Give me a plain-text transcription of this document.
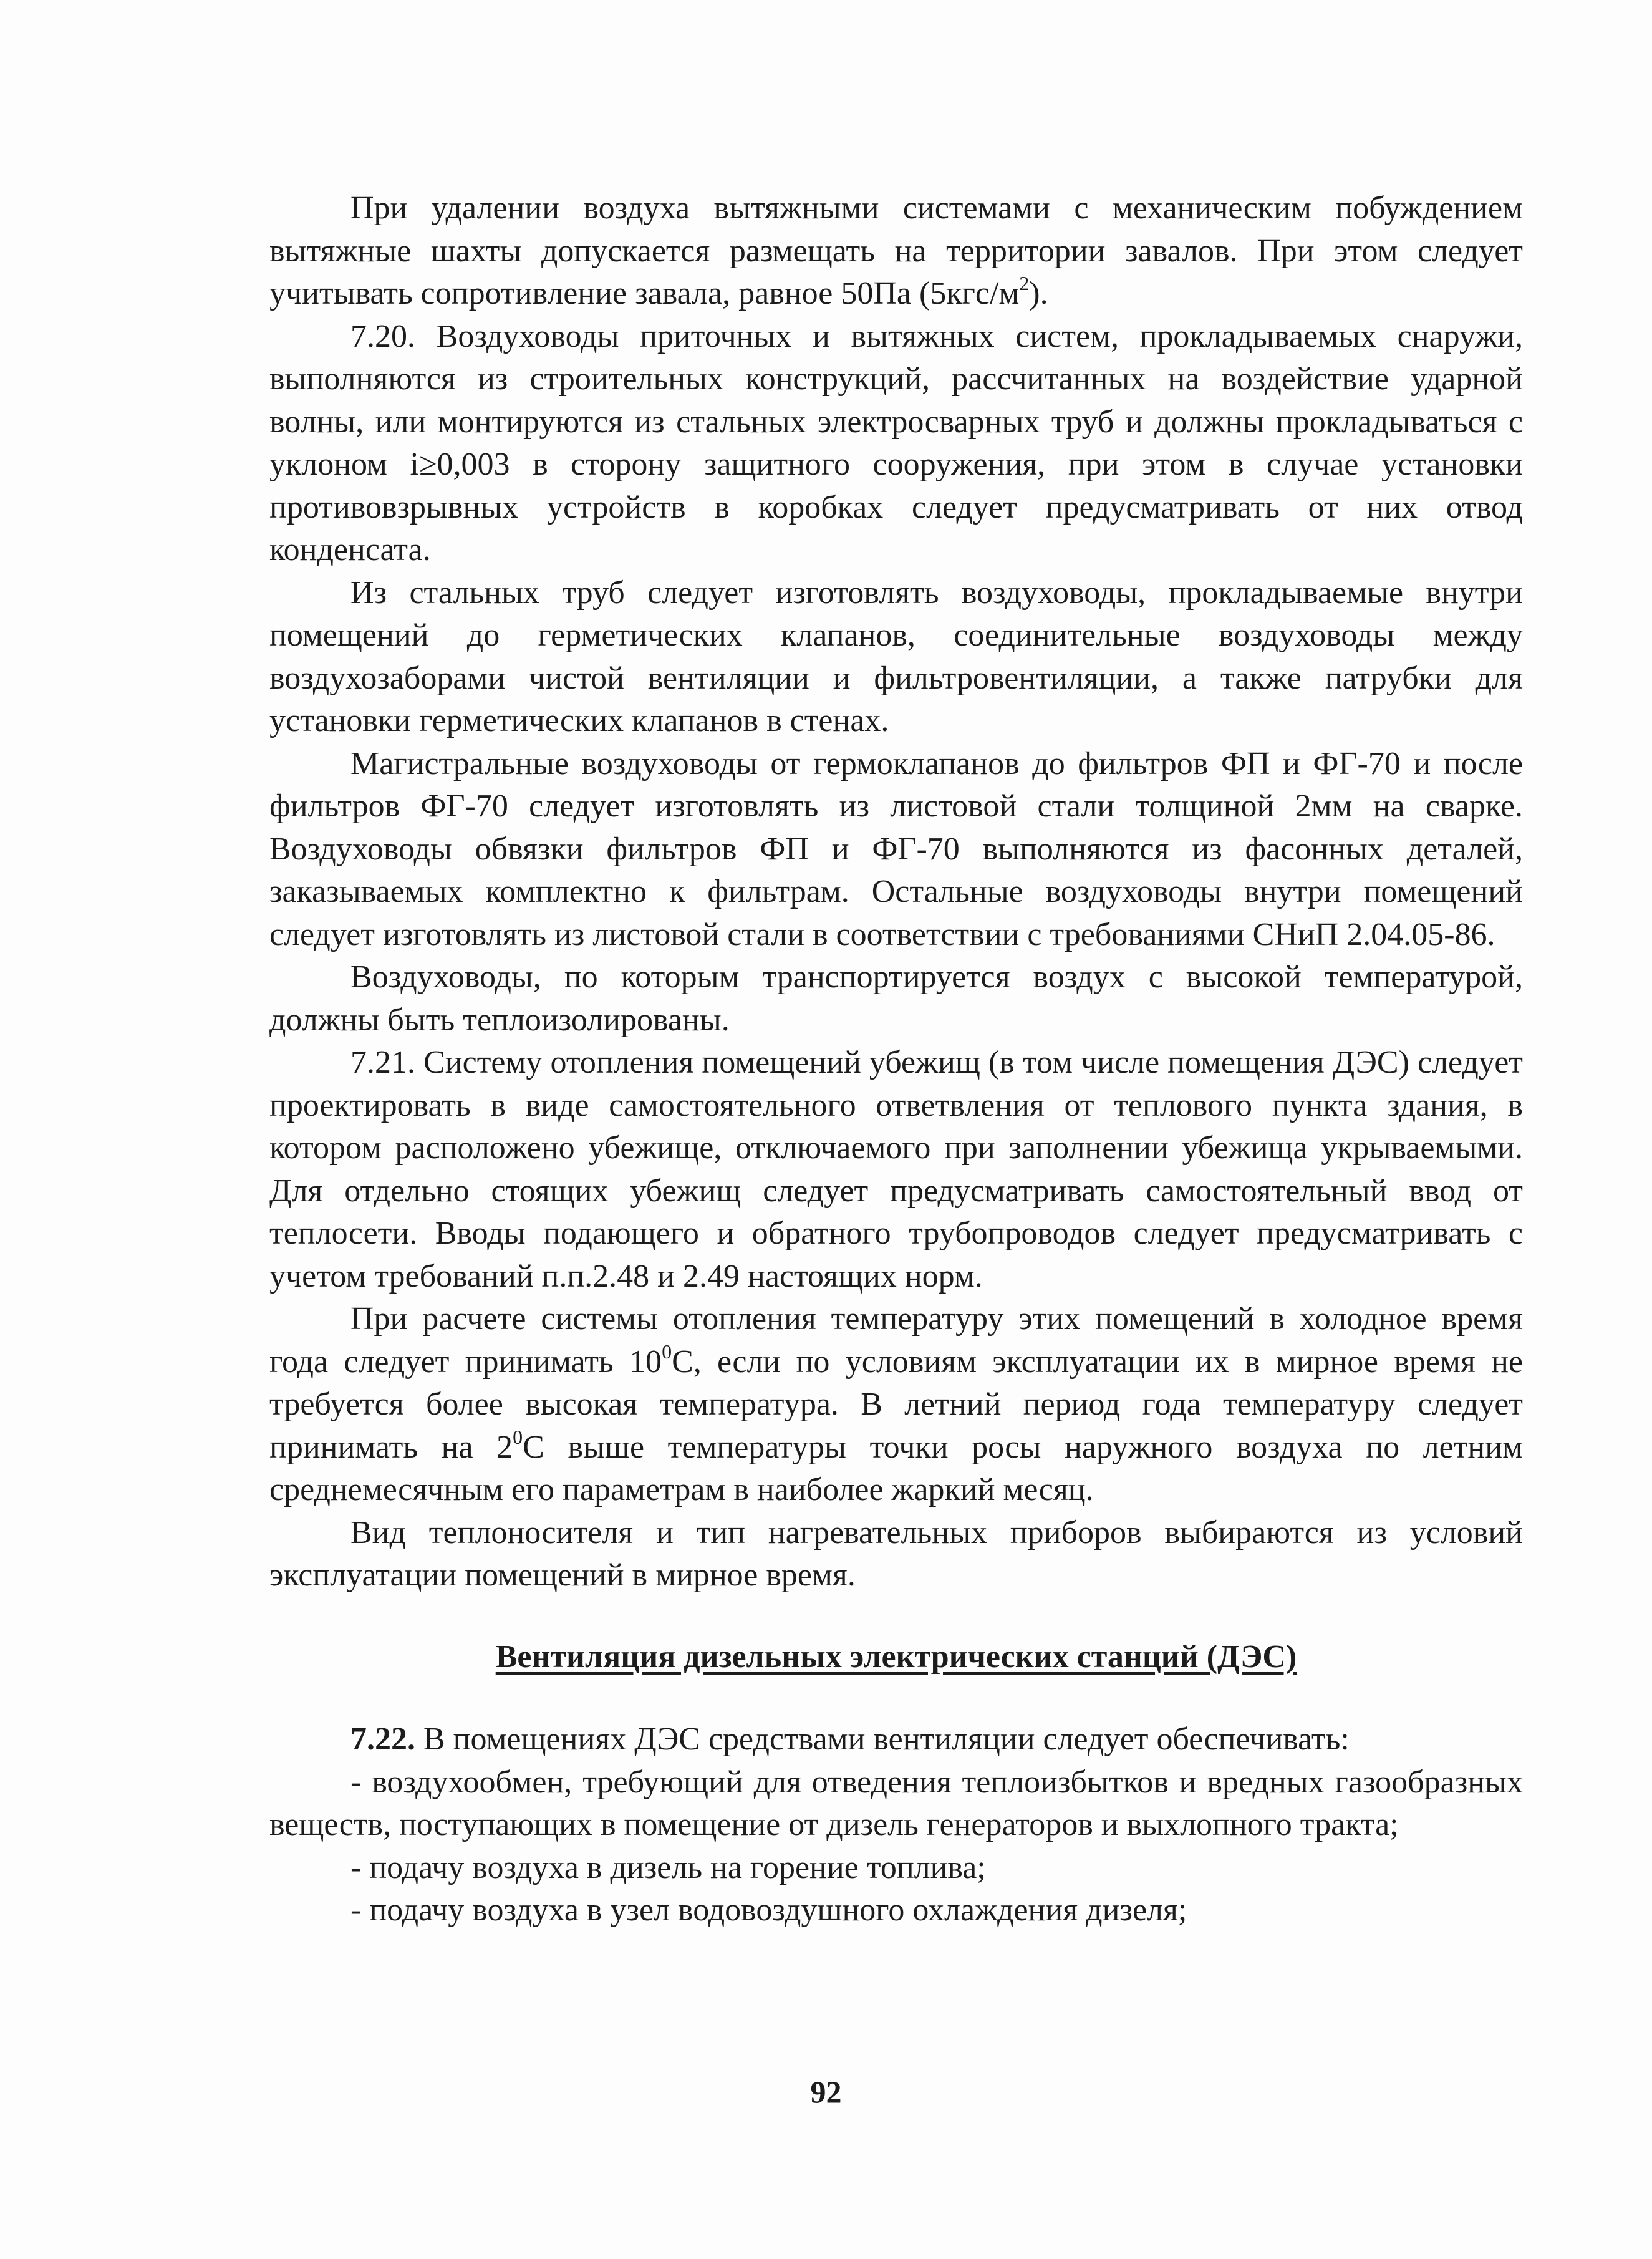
При удалении воздуха вытяжными системами с механическим побуждением вытяжные шахты допускается размещать на территории завалов. При этом следует учитывать сопротивление завала, равное 50Па $(5кгс/м^2)$.

7.20. Воздуховоды приточных и вытяжных систем, прокладываемых снаружи, выполняются из строительных конструкций, рассчитанных на воздействие ударной волны, или монтируются из стальных электросварных труб и должны прокладываться с уклоном i≥0,003 в сторону защитного сооружения, при этом в случае установки противовзрывных устройств в коробках следует предусматривать от них отвод конденсата.

Из стальных труб следует изготовлять воздуховоды, прокладываемые внутри помещений до герметических клапанов, соединительные воздуховоды между воздухозаборами чистой вентиляции и фильтровентиляции, а также патрубки для установки герметических клапанов в стенах.

Магистральные воздуховоды от гермоклапанов до фильтров ФП и ФГ-70 и после фильтров ФГ-70 следует изготовлять из листовой стали толщиной 2мм на сварке. Воздуховоды обвязки фильтров ФП и ФГ-70 выполняются из фасонных деталей, заказываемых комплектно к фильтрам. Остальные воздуховоды внутри помещений следует изготовлять из листовой стали в соответствии с требованиями СНиП 2.04.05-86.

Воздуховоды, по которым транспортируется воздух с высокой температурой, должны быть теплоизолированы.

7.21. Систему отопления помещений убежищ (в том числе помещения ДЭС) следует проектировать в виде самостоятельного ответвления от теплового пункта здания, в котором расположено убежище, отключаемого при заполнении убежища укрываемыми. Для отдельно стоящих убежищ следует предусматривать самостоятельный ввод от теплосети. Вводы подающего и обратного трубопроводов следует предусматривать с учетом требований п.п.2.48 и 2.49 настоящих норм.

При расчете системы отопления температуру этих помещений в холодное время года следует принимать $10^0С$, если по условиям эксплуатации их в мирное время не требуется более высокая температура. В летний период года температуру следует принимать на $2^0С$ выше температуры точки росы наружного воздуха по летним среднемесячным его параметрам в наиболее жаркий месяц.

Вид теплоносителя и тип нагревательных приборов выбираются из условий эксплуатации помещений в мирное время.

Вентиляция дизельных электрических станций (ДЭС)

7.22. В помещениях ДЭС средствами вентиляции следует обеспечивать:

- воздухообмен, требующий для отведения теплоизбытков и вредных газообразных веществ, поступающих в помещение от дизель генераторов и выхлопного тракта;

- подачу воздуха в дизель на горение топлива;

- подачу воздуха в узел водовоздушного охлаждения дизеля;

92
